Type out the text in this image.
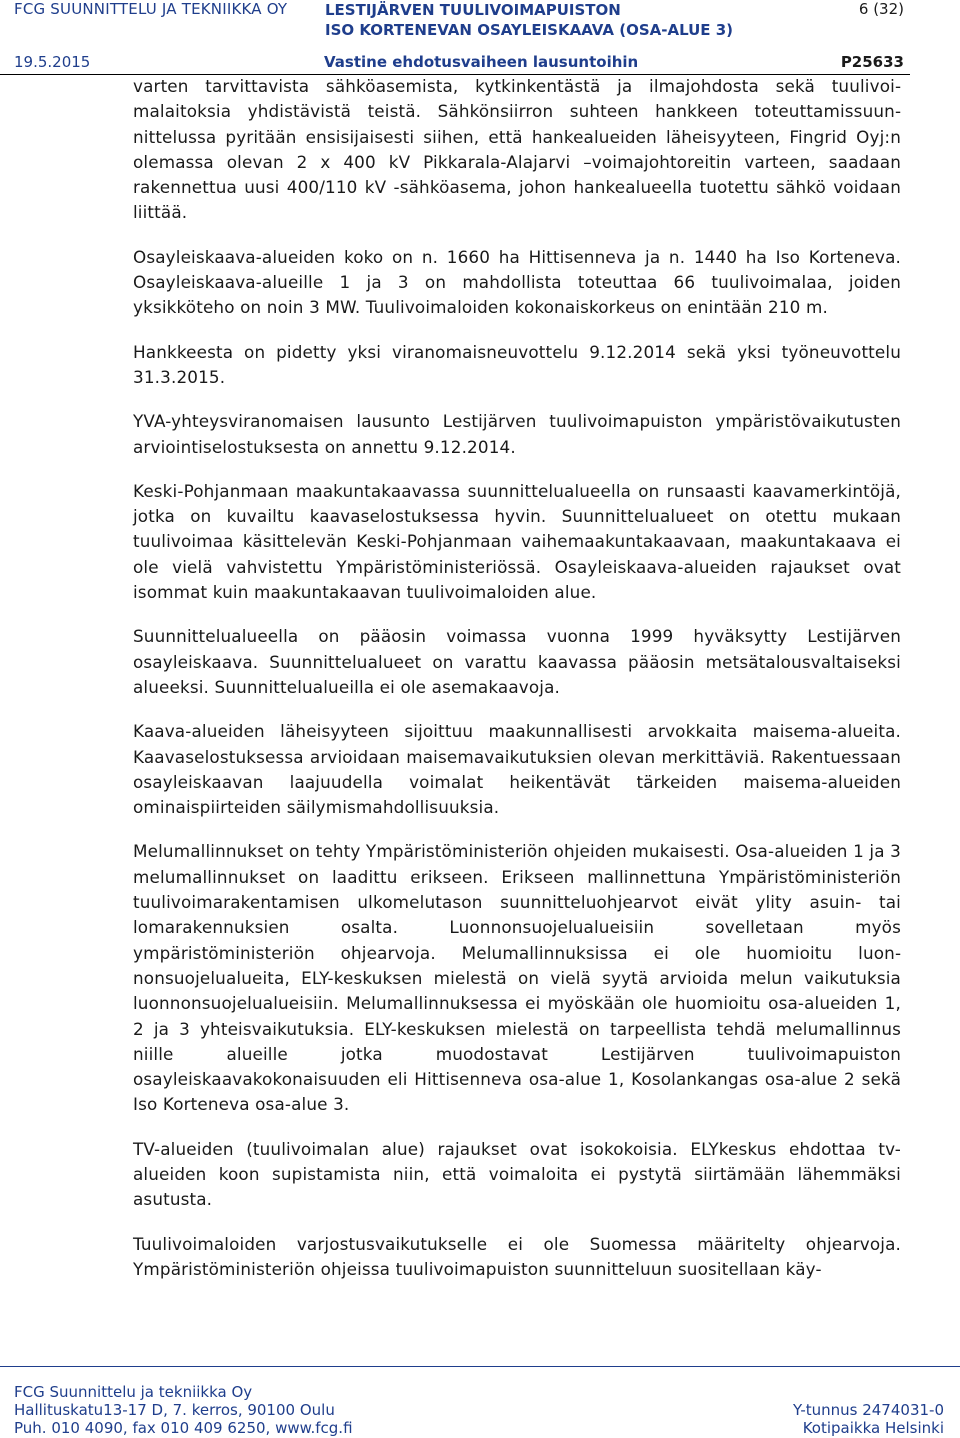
FCG SUUNNITTELU JA TEKNIIKKA OY	LESTIJÄRVEN TUULIVOIMAPUISTON
ISO KORTENEVAN OSAYLEISKAAVA (OSA-ALUE 3)
6 (32)
19.5.2015	Vastine ehdotusvaiheen lausuntoihin	P25633

varten tarvittavista sähköasemista, kytkinkentästä ja ilmajohdosta sekä tuulivoimalaitoksia yhdistävistä teistä. Sähkönsiirron suhteen hankkeen toteuttamissuunnittelussa pyritään ensisijaisesti siihen, että hankealueiden läheisyyteen, Fingrid Oyj:n olemassa olevan 2 x 400 kV Pikkarala-Alajarvi –voimajohtoreitin varteen, saadaan rakennettua uusi 400/110 kV -sähköasema, johon hankealueella tuotettu sähkö voidaan liittää.

Osayleiskaava-alueiden koko on n. 1660 ha Hittisenneva ja n. 1440 ha Iso Korteneva. Osayleiskaava-alueille 1 ja 3 on mahdollista toteuttaa 66 tuulivoimalaa, joiden yksikköteho on noin 3 MW. Tuulivoimaloiden kokonaiskorkeus on enintään 210 m.

Hankkeesta on pidetty yksi viranomaisneuvottelu 9.12.2014 sekä yksi työneuvottelu 31.3.2015.

YVA-yhteysviranomaisen lausunto Lestijärven tuulivoimapuiston ympäristövaikutusten arviointiselostuksesta on annettu 9.12.2014.

Keski-Pohjanmaan maakuntakaavassa suunnittelualueella on runsaasti kaavamerkintöjä, jotka on kuvailtu kaavaselostuksessa hyvin. Suunnittelualueet on otettu mukaan tuulivoimaa käsittelevän Keski-Pohjanmaan vaihemaakuntakaavaan, maakuntakaava ei ole vielä vahvistettu Ympäristöministeriössä. Osayleiskaava-alueiden rajaukset ovat isommat kuin maakuntakaavan tuulivoimaloiden alue.

Suunnittelualueella on pääosin voimassa vuonna 1999 hyväksytty Lestijärven osayleiskaava. Suunnittelualueet on varattu kaavassa pääosin metsätalousvaltaiseksi alueeksi. Suunnittelualueilla ei ole asemakaavoja.

Kaava-alueiden läheisyyteen sijoittuu maakunnallisesti arvokkaita maisema-alueita. Kaavaselostuksessa arvioidaan maisemavaikutuksien olevan merkittäviä. Rakentuessaan osayleiskaavan laajuudella voimalat heikentävät tärkeiden maisema-alueiden ominaispiirteiden säilymismahdollisuuksia.

Melumallinnukset on tehty Ympäristöministeriön ohjeiden mukaisesti. Osa-alueiden 1 ja 3 melumallinnukset on laadittu erikseen. Erikseen mallinnettuna Ympäristöministeriön tuulivoimarakentamisen ulkomelutason suunnitteluohjearvot eivät ylity asuin- tai lomarakennuksien osalta. Luonnonsuojelualueisiin sovelletaan myös ympäristöministeriön ohjearvoja. Melumallinnuksissa ei ole huomioitu luonnonsuojelualueita, ELY-keskuksen mielestä on vielä syytä arvioida melun vaikutuksia luonnonsuojelualueisiin. Melumallinnuksessa ei myöskään ole huomioitu osa-alueiden 1, 2 ja 3 yhteisvaikutuksia. ELY-keskuksen mielestä on tarpeellista tehdä melumallinnus niille alueille jotka muodostavat Lestijärven tuulivoimapuiston osayleiskaavakokonaisuuden eli Hittisenneva osa-alue 1, Kosolankangas osa-alue 2 sekä Iso Korteneva osa-alue 3.

TV-alueiden (tuulivoimalan alue) rajaukset ovat isokokoisia. ELYkeskus ehdottaa tv-alueiden koon supistamista niin, että voimaloita ei pystytä siirtämään lähemmäksi asutusta.

Tuulivoimaloiden varjostusvaikutukselle ei ole Suomessa määritelty ohjearvoja. Ympäristöministeriön ohjeissa tuulivoimapuiston suunnitteluun suositellaan käy-

FCG Suunnittelu ja tekniikka Oy
Hallituskatu13-17 D, 7. kerros, 90100 Oulu
Puh. 010 4090, fax 010 409 6250, www.fcg.fi
Y-tunnus 2474031-0
Kotipaikka Helsinki
